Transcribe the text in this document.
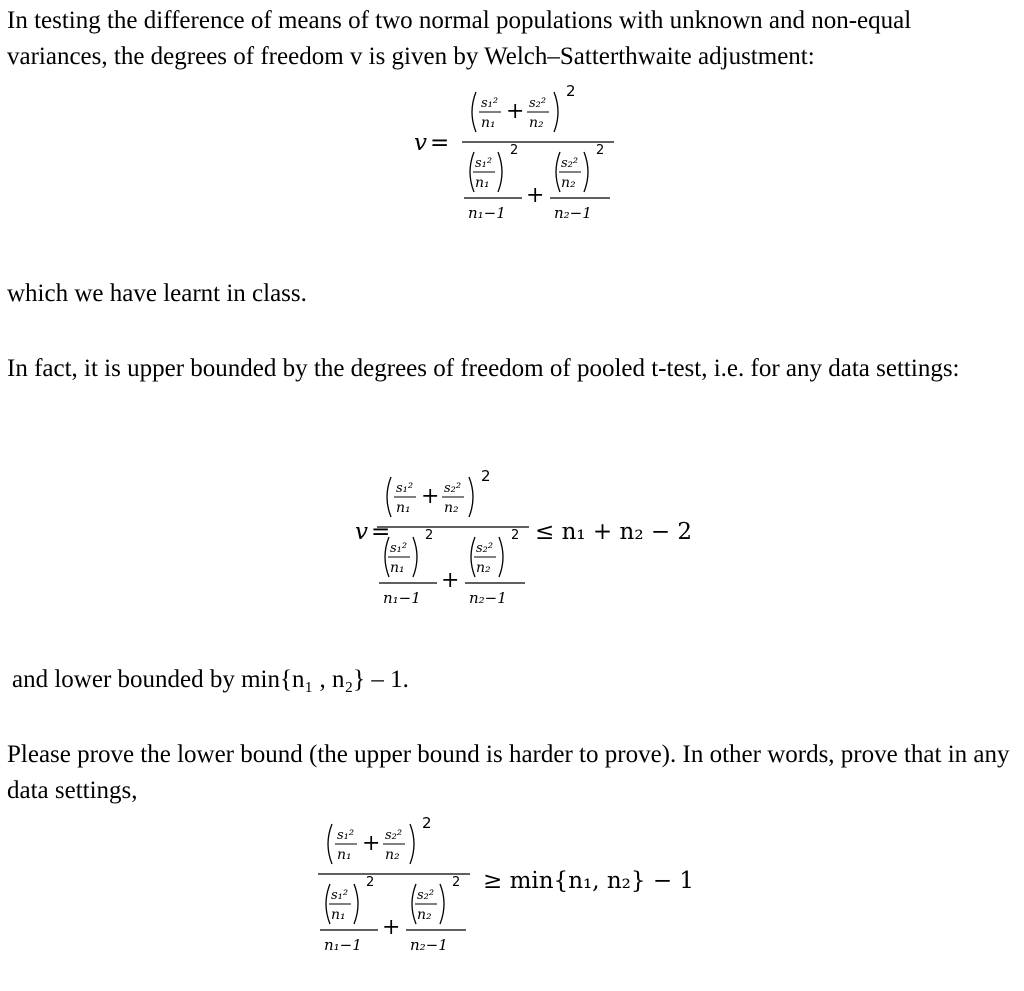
In testing the difference of means of two normal populations with unknown and non-equal variances, the degrees of freedom v is given by Welch–Satterthwaite adjustment:
v =
s₁²
n₁ + s₂²
n₂
2
s₁²
n₁
2
n₁−1
+
s₂²
n₂
2
n₂−1
which we have learnt in class.
In fact, it is upper bounded by the degrees of freedom of pooled t-test, i.e. for any data settings:
v =
s₁²
n₁ + s₂²
n₂
2
s₁²
n₁
2
n₁−1
+
s₂²
n₂
2
n₂−1
≤ n₁ + n₂ − 2
and lower bounded by min{n₁ , n₂} – 1.
Please prove the lower bound (the upper bound is harder to prove). In other words, prove that in any data settings,
s₁²
n₁ + s₂²
n₂
2
s₁²
n₁
2
n₁−1
+
s₂²
n₂
2
n₂−1
≥ min{n₁, n₂} − 1
